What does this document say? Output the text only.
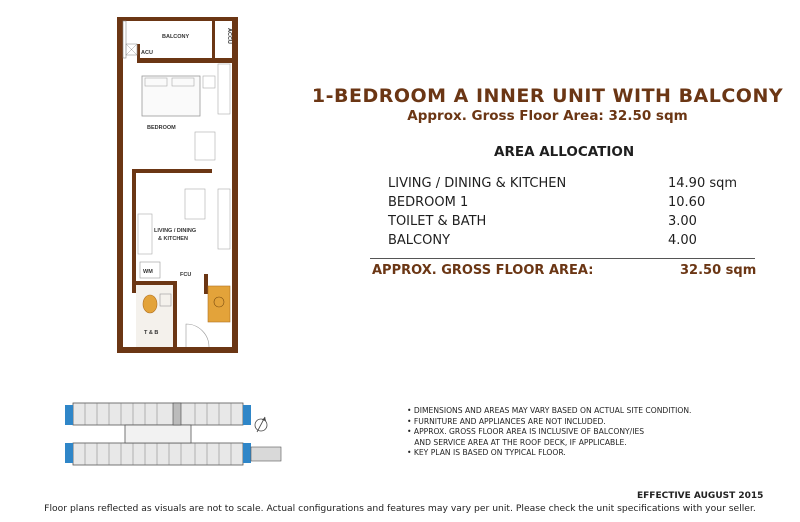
BEDROOM
BALCONY	ACCU
ACU
LIVING / DINING
& KITCHEN
WM	FCU
T & B
1-BEDROOM A INNER UNIT WITH BALCONY
Approx. Gross Floor Area: 32.50 sqm
AREA ALLOCATION
LIVING / DINING & KITCHEN	14.90 sqm
BEDROOM 1	10.60
TOILET & BATH	3.00
BALCONY	4.00
APPROX. GROSS FLOOR AREA:	32.50 sqm
• DIMENSIONS AND AREAS MAY VARY BASED ON ACTUAL SITE CONDITION.
• FURNITURE AND APPLIANCES ARE NOT INCLUDED.
• APPROX. GROSS FLOOR AREA IS INCLUSIVE OF BALCONY/IES
AND SERVICE AREA AT THE ROOF DECK, IF APPLICABLE.
• KEY PLAN IS BASED ON TYPICAL FLOOR.
EFFECTIVE AUGUST 2015
Floor plans reflected as visuals are not to scale. Actual configurations and features may vary per unit. Please check the unit specifications with your seller.
